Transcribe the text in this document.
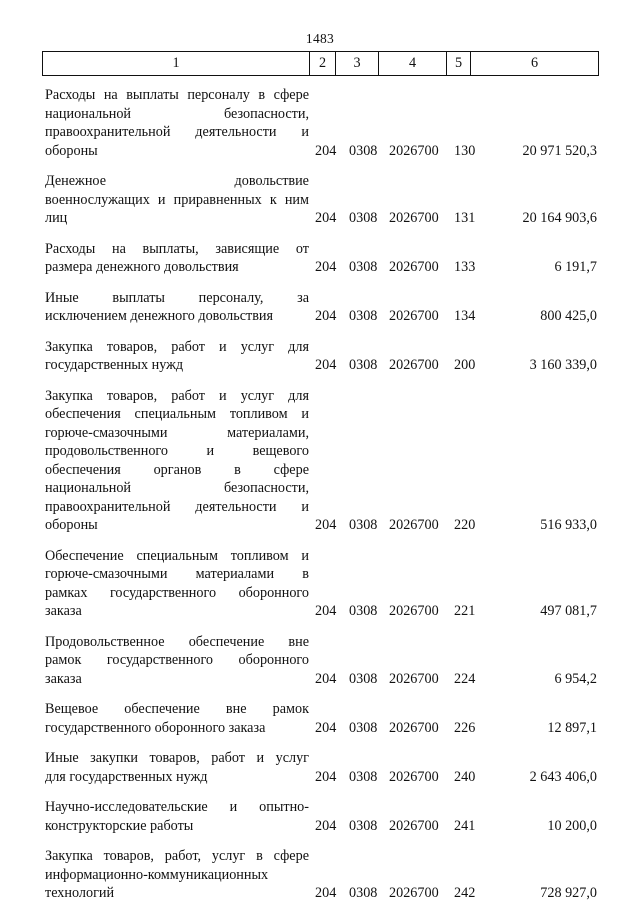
1483
1	2	3	4	5	6
Расходы на выплаты персоналу в сфере
национальной безопасности,
правоохранительной деятельности и
обороны	204 0308 2026700	130	20 971 520,3
Денежное довольствие
военнослужащих и приравненных к ним
лиц	204 0308 2026700	131	20 164 903,6
Расходы на выплаты, зависящие от
размера денежного довольствия	204 0308 2026700	133	6 191,7
Иные выплаты персоналу, за
исключением денежного довольствия	204 0308 2026700	134	800 425,0
Закупка товаров, работ и услуг для
государственных нужд	204 0308 2026700	200	3 160 339,0
Закупка товаров, работ и услуг для
обеспечения специальным топливом и
горюче-смазочными материалами,
продовольственного и вещевого
обеспечения органов в сфере
национальной безопасности,
правоохранительной деятельности и
обороны	204 0308 2026700	220	516 933,0
Обеспечение специальным топливом и
горюче-смазочными материалами в
рамках государственного оборонного
заказа	204 0308 2026700	221	497 081,7
Продовольственное обеспечение вне
рамок государственного оборонного
заказа	204 0308 2026700	224	6 954,2
Вещевое обеспечение вне рамок
государственного оборонного заказа	204 0308 2026700	226	12 897,1
Иные закупки товаров, работ и услуг
для государственных нужд	204 0308 2026700	240	2 643 406,0
Научно-исследовательские и опытно-
конструкторские работы	204 0308 2026700	241	10 200,0
Закупка товаров, работ, услуг в сфере
информационно-коммуникационных
технологий	204 0308 2026700	242	728 927,0
